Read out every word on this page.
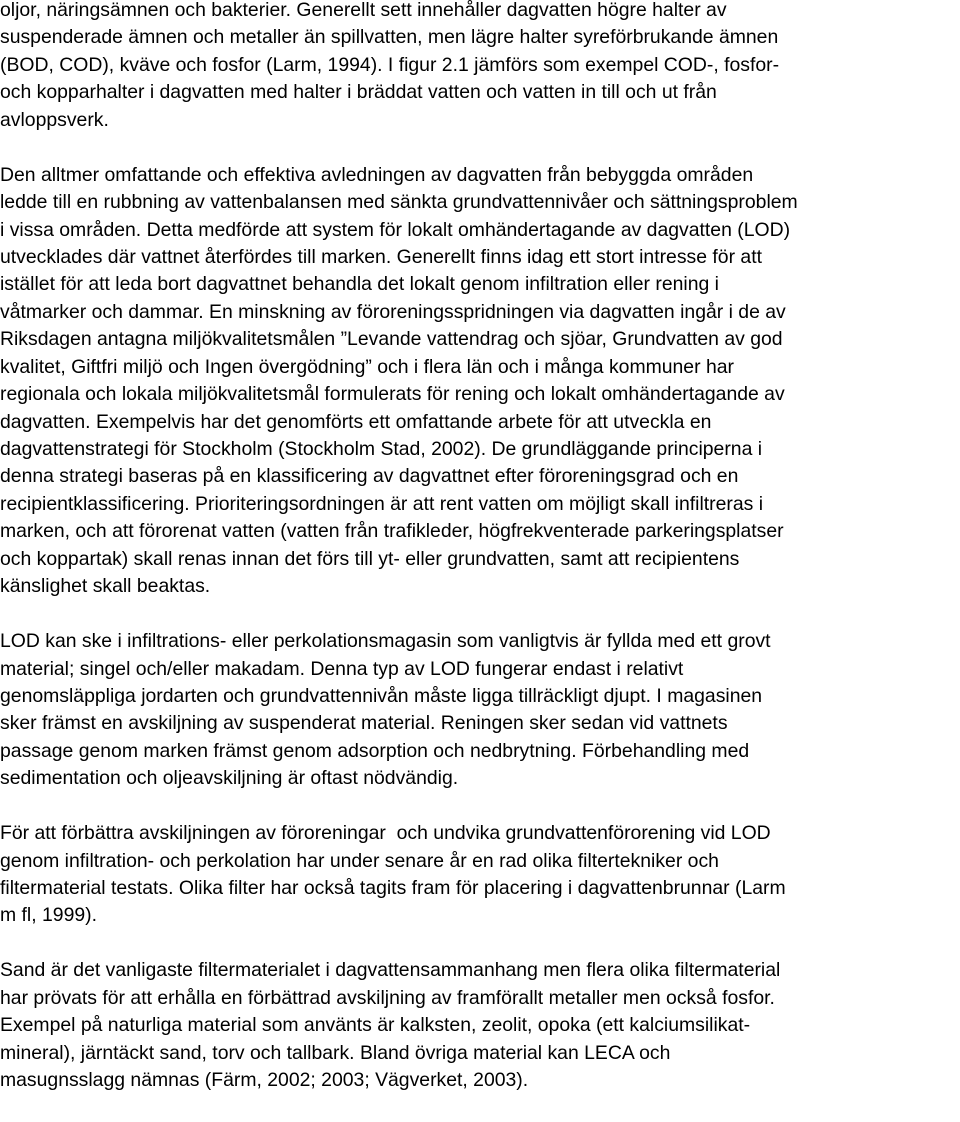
oljor, näringsämnen och bakterier. Generellt sett innehåller dagvatten högre halter av
suspenderade ämnen och metaller än spillvatten, men lägre halter syreförbrukande ämnen
(BOD, COD), kväve och fosfor (Larm, 1994). I figur 2.1 jämförs som exempel COD-, fosfor-
och kopparhalter i dagvatten med halter i bräddat vatten och vatten in till och ut från
avloppsverk.
Den alltmer omfattande och effektiva avledningen av dagvatten från bebyggda områden
ledde till en rubbning av vattenbalansen med sänkta grundvattennivåer och sättningsproblem
i vissa områden. Detta medförde att system för lokalt omhändertagande av dagvatten (LOD)
utvecklades där vattnet återfördes till marken. Generellt finns idag ett stort intresse för att
istället för att leda bort dagvattnet behandla det lokalt genom infiltration eller rening i
våtmarker och dammar. En minskning av föroreningsspridningen via dagvatten ingår i de av
Riksdagen antagna miljökvalitetsmålen ”Levande vattendrag och sjöar, Grundvatten av god
kvalitet, Giftfri miljö och Ingen övergödning” och i flera län och i många kommuner har
regionala och lokala miljökvalitetsmål formulerats för rening och lokalt omhändertagande av
dagvatten. Exempelvis har det genomförts ett omfattande arbete för att utveckla en
dagvattenstrategi för Stockholm (Stockholm Stad, 2002). De grundläggande principerna i
denna strategi baseras på en klassificering av dagvattnet efter föroreningsgrad och en
recipientklassificering. Prioriteringsordningen är att rent vatten om möjligt skall infiltreras i
marken, och att förorenat vatten (vatten från trafikleder, högfrekventerade parkeringsplatser
och koppartak) skall renas innan det förs till yt- eller grundvatten, samt att recipientens
känslighet skall beaktas.
LOD kan ske i infiltrations- eller perkolationsmagasin som vanligtvis är fyllda med ett grovt
material; singel och/eller makadam. Denna typ av LOD fungerar endast i relativt
genomsläppliga jordarten och grundvattennivån måste ligga tillräckligt djupt. I magasinen
sker främst en avskiljning av suspenderat material. Reningen sker sedan vid vattnets
passage genom marken främst genom adsorption och nedbrytning. Förbehandling med
sedimentation och oljeavskiljning är oftast nödvändig.
För att förbättra avskiljningen av föroreningar  och undvika grundvattenförorening vid LOD
genom infiltration- och perkolation har under senare år en rad olika filtertekniker och
filtermaterial testats. Olika filter har också tagits fram för placering i dagvattenbrunnar (Larm
m fl, 1999).
Sand är det vanligaste filtermaterialet i dagvattensammanhang men flera olika filtermaterial
har prövats för att erhålla en förbättrad avskiljning av framförallt metaller men också fosfor.
Exempel på naturliga material som använts är kalksten, zeolit, opoka (ett kalciumsilikat-
mineral), järntäckt sand, torv och tallbark. Bland övriga material kan LECA och
masugnsslagg nämnas (Färm, 2002; 2003; Vägverket, 2003).
